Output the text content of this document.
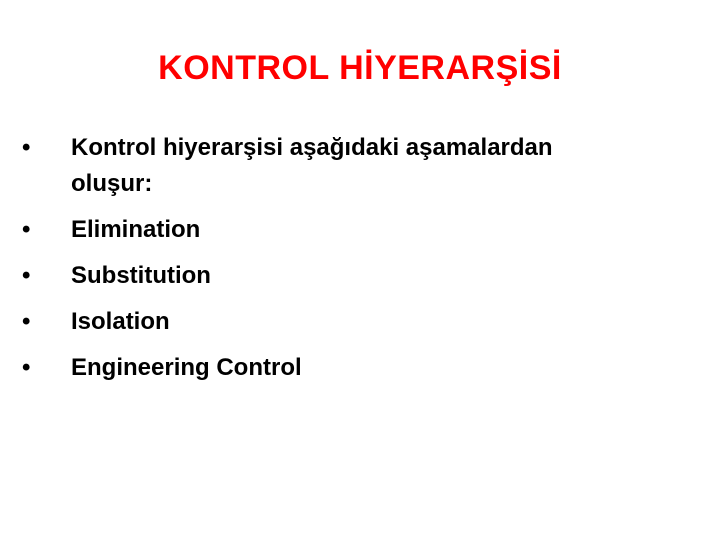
KONTROL HİYERARŞİSİ
•	Kontrol hiyerarşisi aşağıdaki aşamalardan
oluşur:
•	Elimination
•	Substitution
•	Isolation
•	Engineering Control
